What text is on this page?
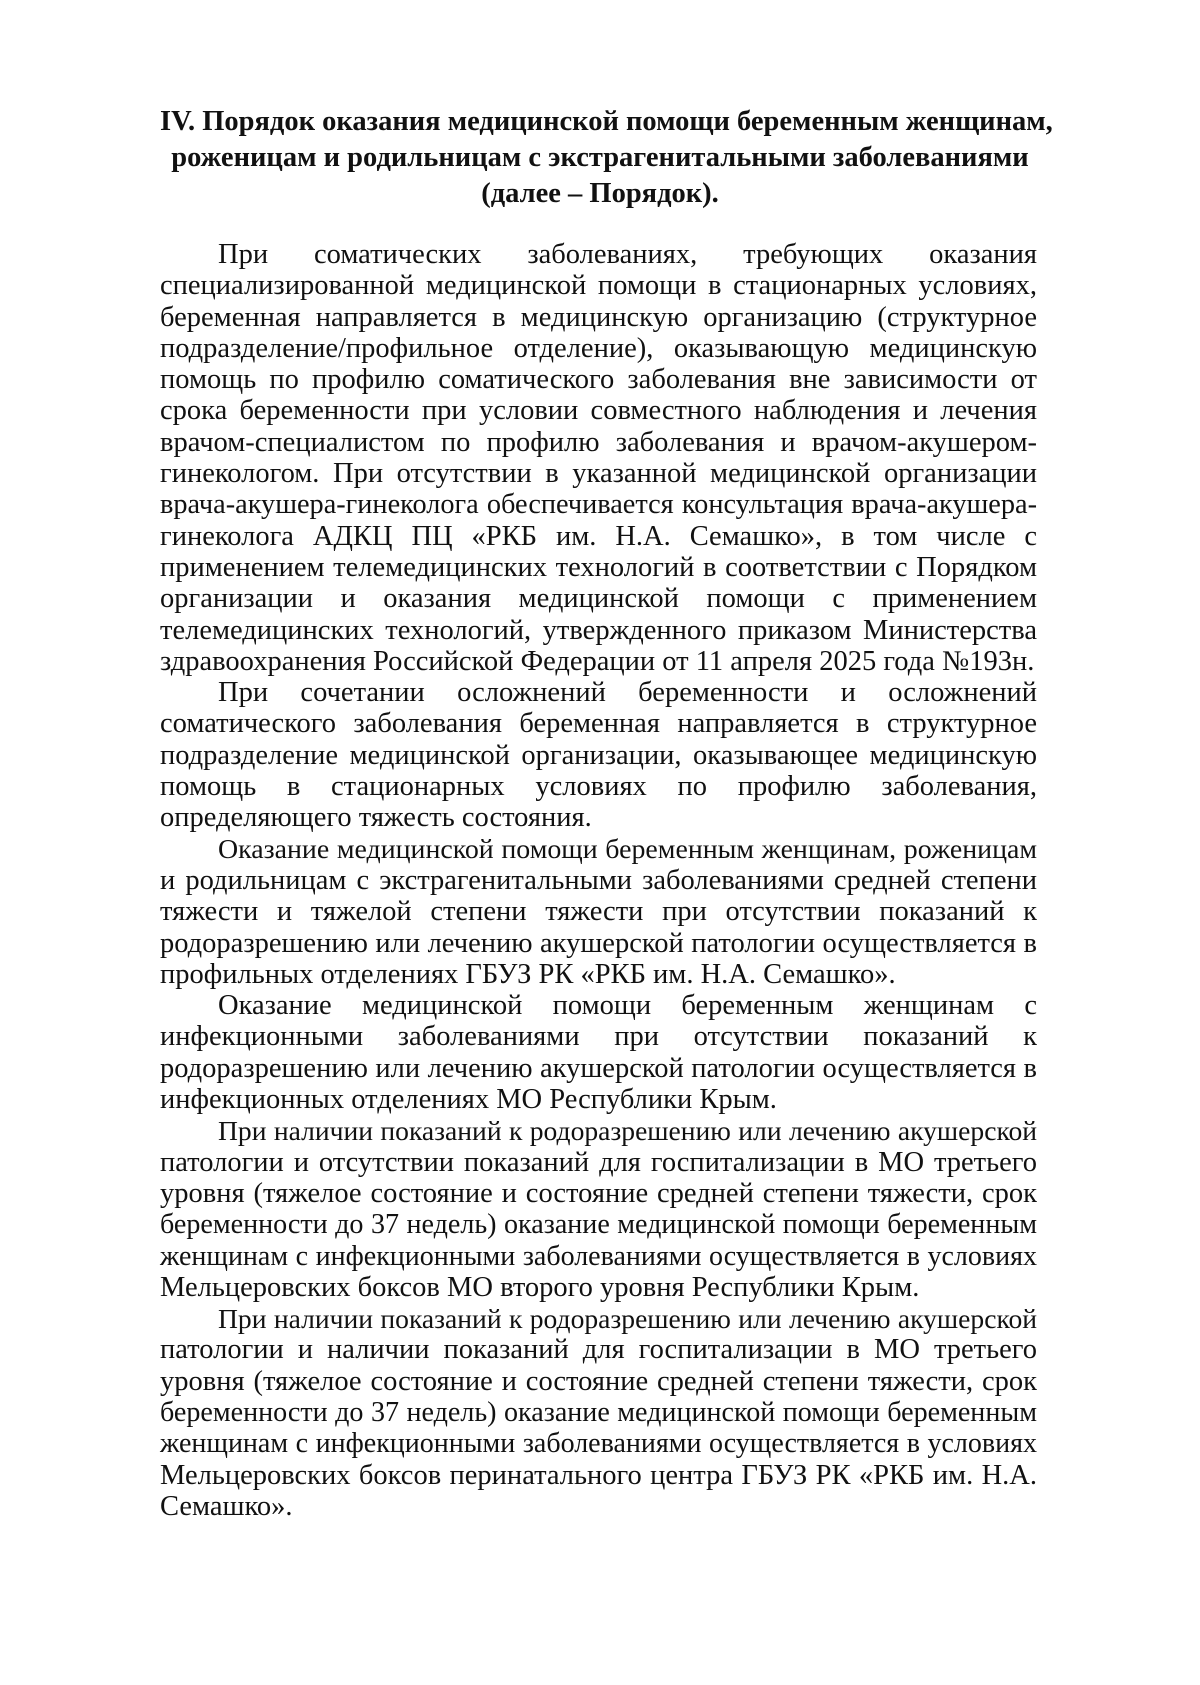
IV. Порядок оказания медицинской помощи беременным женщинам,
роженицам и родильницам с экстрагенитальными заболеваниями
(далее – Порядок).
При соматических заболеваниях, требующих оказания
специализированной медицинской помощи в стационарных условиях,
беременная направляется в медицинскую организацию (структурное
подразделение/профильное отделение), оказывающую медицинскую
помощь по профилю соматического заболевания вне зависимости от
срока беременности при условии совместного наблюдения и лечения
врачом-специалистом по профилю заболевания и врачом-акушером-
гинекологом. При отсутствии в указанной медицинской организации
врача-акушера-гинеколога обеспечивается консультация врача-акушера-
гинеколога АДКЦ ПЦ «РКБ им. Н.А. Семашко», в том числе с
применением телемедицинских технологий в соответствии с Порядком
организации и оказания медицинской помощи с применением
телемедицинских технологий, утвержденного приказом Министерства
здравоохранения Российской Федерации от 11 апреля 2025 года №193н.
При сочетании осложнений беременности и осложнений
соматического заболевания беременная направляется в структурное
подразделение медицинской организации, оказывающее медицинскую
помощь в стационарных условиях по профилю заболевания,
определяющего тяжесть состояния.
Оказание медицинской помощи беременным женщинам, роженицам
и родильницам с экстрагенитальными заболеваниями средней степени
тяжести и тяжелой степени тяжести при отсутствии показаний к
родоразрешению или лечению акушерской патологии осуществляется в
профильных отделениях ГБУЗ РК «РКБ им. Н.А. Семашко».
Оказание медицинской помощи беременным женщинам с
инфекционными заболеваниями при отсутствии показаний к
родоразрешению или лечению акушерской патологии осуществляется в
инфекционных отделениях МО Республики Крым.
При наличии показаний к родоразрешению или лечению акушерской
патологии и отсутствии показаний для госпитализации в МО третьего
уровня (тяжелое состояние и состояние средней степени тяжести, срок
беременности до 37 недель) оказание медицинской помощи беременным
женщинам с инфекционными заболеваниями осуществляется в условиях
Мельцеровских боксов МО второго уровня Республики Крым.
При наличии показаний к родоразрешению или лечению акушерской
патологии и наличии показаний для госпитализации в МО третьего
уровня (тяжелое состояние и состояние средней степени тяжести, срок
беременности до 37 недель) оказание медицинской помощи беременным
женщинам с инфекционными заболеваниями осуществляется в условиях
Мельцеровских боксов перинатального центра ГБУЗ РК «РКБ им. Н.А.
Семашко».
